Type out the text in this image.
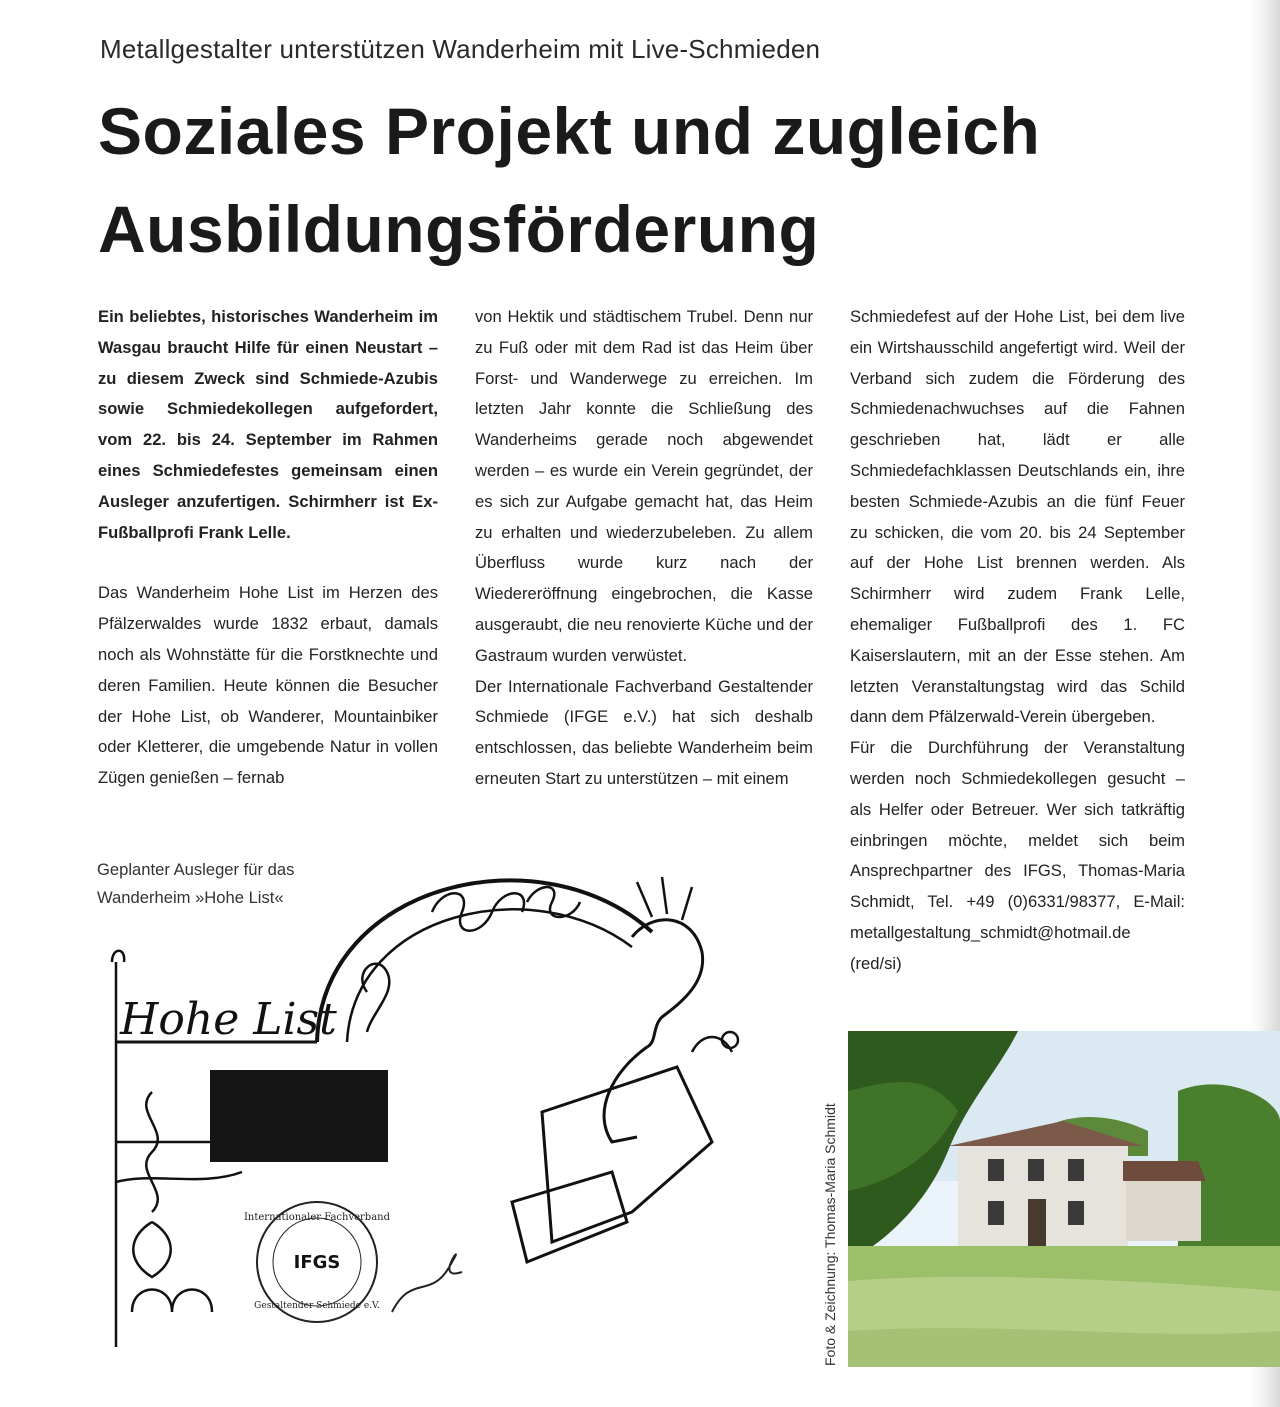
Metallgestalter unterstützen Wanderheim mit Live-Schmieden
Soziales Projekt und zugleich
Ausbildungsförderung

Ein beliebtes, historisches Wanderheim im Wasgau braucht Hilfe für einen Neustart – zu diesem Zweck sind Schmiede-Azubis sowie Schmiedekollegen aufgefordert, vom 22. bis 24. September im Rahmen eines Schmiedefestes gemeinsam einen Ausleger anzufertigen. Schirmherr ist Ex-Fußballprofi Frank Lelle.

Das Wanderheim Hohe List im Herzen des Pfälzerwaldes wurde 1832 erbaut, damals noch als Wohnstätte für die Forstknechte und deren Familien. Heute können die Besucher der Hohe List, ob Wanderer, Mountainbiker oder Kletterer, die umgebende Natur in vollen Zügen genießen – fernab

von Hektik und städtischem Trubel. Denn nur zu Fuß oder mit dem Rad ist das Heim über Forst- und Wanderwege zu erreichen. Im letzten Jahr konnte die Schließung des Wanderheims gerade noch abgewendet werden – es wurde ein Verein gegründet, der es sich zur Aufgabe gemacht hat, das Heim zu erhalten und wiederzubeleben. Zu allem Überfluss wurde kurz nach der Wiedereröffnung eingebrochen, die Kasse ausgeraubt, die neu renovierte Küche und der Gastraum wurden verwüstet.

Der Internationale Fachverband Gestaltender Schmiede (IFGE e.V.) hat sich deshalb entschlossen, das beliebte Wanderheim beim erneuten Start zu unterstützen – mit einem

Schmiedefest auf der Hohe List, bei dem live ein Wirtshausschild angefertigt wird. Weil der Verband sich zudem die Förderung des Schmiedenachwuchses auf die Fahnen geschrieben hat, lädt er alle Schmiedefachklassen Deutschlands ein, ihre besten Schmiede-Azubis an die fünf Feuer zu schicken, die vom 20. bis 24 September auf der Hohe List brennen werden. Als Schirmherr wird zudem Frank Lelle, ehemaliger Fußballprofi des 1. FC Kaiserslautern, mit an der Esse stehen. Am letzten Veranstaltungstag wird das Schild dann dem Pfälzerwald-Verein übergeben.

Für die Durchführung der Veranstaltung werden noch Schmiedekollegen gesucht – als Helfer oder Betreuer. Wer sich tatkräftig einbringen möchte, meldet sich beim Ansprechpartner des IFGS, Thomas-Maria Schmidt, Tel. +49 (0)6331/98377, E-Mail: metallgestaltung_schmidt@hotmail.de (red/si)

Geplanter Ausleger für das Wanderheim »Hohe List«
Hohe List
Internationaler Fachverband
IFGS
Gestaltender Schmiede e.V.	Foto & Zeichnung: Thomas-Maria Schmidt
